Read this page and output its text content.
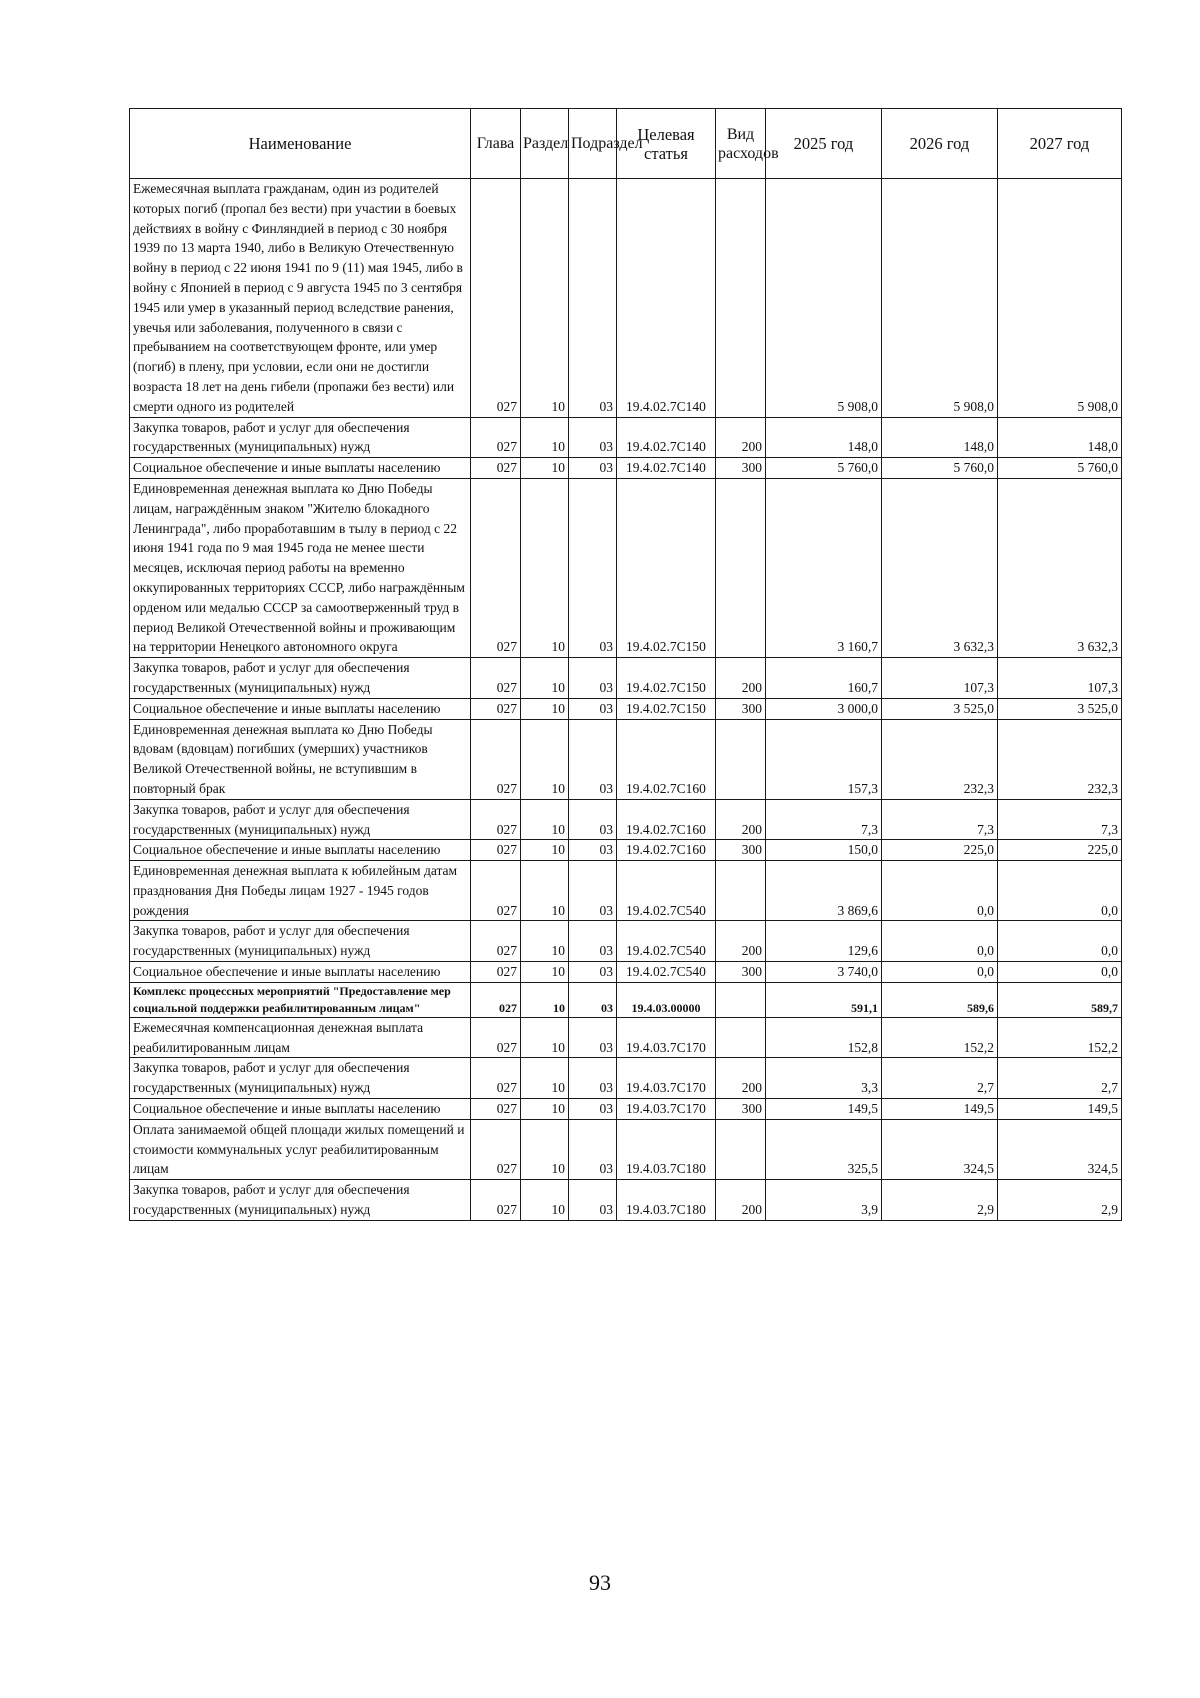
Наименование	Глава	Раздел	Подраздел	Целевая статья	Вид расходов	2025 год	2026 год	2027 год
Ежемесячная выплата гражданам, один из родителей которых погиб (пропал без вести) при участии в боевых действиях в войну с Финляндией в период с 30 ноября 1939 по 13 марта 1940, либо в Великую Отечественную войну в период с 22 июня 1941 по 9 (11) мая 1945, либо в войну с Японией в период с 9 августа 1945 по 3 сентября 1945 или умер в указанный период вследствие ранения, увечья или заболевания, полученного в связи с пребыванием на соответствующем фронте, или умер (погиб) в плену, при условии, если они не достигли возраста 18 лет на день гибели (пропажи без вести) или смерти одного из родителей	027	10	03	19.4.02.7С140		5 908,0	5 908,0	5 908,0
Закупка товаров, работ и услуг для обеспечения государственных (муниципальных) нужд	027	10	03	19.4.02.7С140	200	148,0	148,0	148,0
Социальное обеспечение и иные выплаты населению	027	10	03	19.4.02.7С140	300	5 760,0	5 760,0	5 760,0
Единовременная денежная выплата ко Дню Победы лицам, награждённым знаком "Жителю блокадного Ленинграда", либо проработавшим в тылу в период с 22 июня 1941 года по 9 мая 1945 года не менее шести месяцев, исключая период работы на временно оккупированных территориях СССР, либо награждённым орденом или медалью СССР за самоотверженный труд в период Великой Отечественной войны и проживающим на территории Ненецкого автономного округа	027	10	03	19.4.02.7С150		3 160,7	3 632,3	3 632,3
Закупка товаров, работ и услуг для обеспечения государственных (муниципальных) нужд	027	10	03	19.4.02.7С150	200	160,7	107,3	107,3
Социальное обеспечение и иные выплаты населению	027	10	03	19.4.02.7С150	300	3 000,0	3 525,0	3 525,0
Единовременная денежная выплата ко Дню Победы вдовам (вдовцам) погибших (умерших) участников Великой Отечественной войны, не вступившим в повторный брак	027	10	03	19.4.02.7С160		157,3	232,3	232,3
Закупка товаров, работ и услуг для обеспечения государственных (муниципальных) нужд	027	10	03	19.4.02.7С160	200	7,3	7,3	7,3
Социальное обеспечение и иные выплаты населению	027	10	03	19.4.02.7С160	300	150,0	225,0	225,0
Единовременная денежная выплата к юбилейным датам празднования Дня Победы лицам 1927 - 1945 годов рождения	027	10	03	19.4.02.7С540		3 869,6	0,0	0,0
Закупка товаров, работ и услуг для обеспечения государственных (муниципальных) нужд	027	10	03	19.4.02.7С540	200	129,6	0,0	0,0
Социальное обеспечение и иные выплаты населению	027	10	03	19.4.02.7С540	300	3 740,0	0,0	0,0
Комплекс процессных мероприятий "Предоставление мер социальной поддержки реабилитированным лицам"	027	10	03	19.4.03.00000		591,1	589,6	589,7
Ежемесячная компенсационная денежная выплата реабилитированным лицам	027	10	03	19.4.03.7С170		152,8	152,2	152,2
Закупка товаров, работ и услуг для обеспечения государственных (муниципальных) нужд	027	10	03	19.4.03.7С170	200	3,3	2,7	2,7
Социальное обеспечение и иные выплаты населению	027	10	03	19.4.03.7С170	300	149,5	149,5	149,5
Оплата занимаемой общей площади жилых помещений и стоимости коммунальных услуг реабилитированным лицам	027	10	03	19.4.03.7С180		325,5	324,5	324,5
Закупка товаров, работ и услуг для обеспечения государственных (муниципальных) нужд	027	10	03	19.4.03.7С180	200	3,9	2,9	2,9
93
